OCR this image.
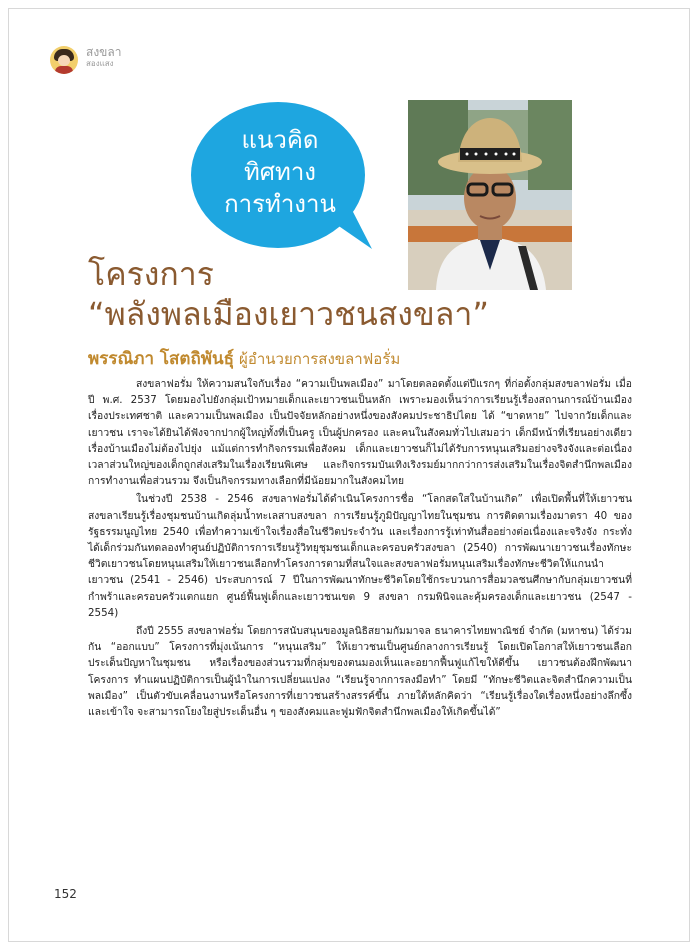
สงขลา
สองแสง
แนวคิด
ทิศทาง
การทำงาน
โครงการ
“พลังพลเมืองเยาวชนสงขลา”
พรรณิภา โสตถิพันธุ์ ผู้อำนวยการสงขลาฟอรั่ม

สงขลาฟอรั่ม ให้ความสนใจกับเรื่อง “ความเป็นพลเมือง” มาโดยตลอดตั้งแต่ปีแรกๆ ที่ก่อตั้งกลุ่มสงขลาฟอรั่ม เมื่อปี พ.ศ. 2537 โดยมองไปยังกลุ่มเป้าหมายเด็กและเยาวชนเป็นหลัก เพราะมองเห็นว่าการเรียนรู้เรื่องสถานการณ์บ้านเมือง เรื่องประเทศชาติ และความเป็นพลเมือง เป็นปัจจัยหลักอย่างหนึ่งของสังคมประชาธิปไตย ได้ “ขาดหาย” ไปจากวัยเด็กและเยาวชน เราจะได้ยินได้ฟังจากปากผู้ใหญ่ทั้งที่เป็นครู เป็นผู้ปกครอง และคนในสังคมทั่วไปเสมอว่า เด็กมีหน้าที่เรียนอย่างเดียว เรื่องบ้านเมืองไม่ต้องไปยุ่ง แม้แต่การทำกิจกรรมเพื่อสังคม เด็กและเยาวชนก็ไม่ได้รับการหนุนเสริมอย่างจริงจังและต่อเนื่อง เวลาส่วนใหญ่ของเด็กถูกส่งเสริมในเรื่องเรียนพิเศษ และกิจกรรมบันเทิงเริงรมย์มากกว่าการส่งเสริมในเรื่องจิตสำนึกพลเมือง การทำงานเพื่อส่วนรวม จึงเป็นกิจกรรมทางเลือกที่มีน้อยมากในสังคมไทย

ในช่วงปี 2538 - 2546 สงขลาฟอรั่มได้ดำเนินโครงการชื่อ “โลกสดใสในบ้านเกิด” เพื่อเปิดพื้นที่ให้เยาวชนสงขลาเรียนรู้เรื่องชุมชนบ้านเกิดลุ่มน้ำทะเลสาบสงขลา การเรียนรู้ภูมิปัญญาไทยในชุมชน การติดตามเรื่องมาตรา 40 ของรัฐธรรมนูญไทย 2540 เพื่อทำความเข้าใจเรื่องสื่อในชีวิตประจำวัน และเรื่องการรู้เท่าทันสื่ออย่างต่อเนื่องและจริงจัง กระทั่งได้เด็กร่วมกันทดลองทำศูนย์ปฏิบัติการการเรียนรู้วิทยุชุมชนเด็กและครอบครัวสงขลา (2540) การพัฒนาเยาวชนเรื่องทักษะชีวิตเยาวชนโดยหนุนเสริมให้เยาวชนเลือกทำโครงการตามที่สนใจและสงขลาฟอรั่มหนุนเสริมเรื่องทักษะชีวิตให้แกนนำเยาวชน (2541 - 2546) ประสบการณ์ 7 ปีในการพัฒนาทักษะชีวิตโดยใช้กระบวนการสื่อมวลชนศึกษากับกลุ่มเยาวชนที่กำพร้าและครอบครัวแตกแยก ศูนย์ฟื้นฟูเด็กและเยาวชนเขต 9 สงขลา กรมพินิจและคุ้มครองเด็กและเยาวชน (2547 - 2554)

ถึงปี 2555 สงขลาฟอรั่ม โดยการสนับสนุนของมูลนิธิสยามกัมมาจล ธนาคารไทยพาณิชย์ จำกัด (มหาชน) ได้ร่วมกัน “ออกแบบ” โครงการที่มุ่งเน้นการ “หนุนเสริม” ให้เยาวชนเป็นศูนย์กลางการเรียนรู้ โดยเปิดโอกาสให้เยาวชนเลือกประเด็นปัญหาในชุมชน หรือเรื่องของส่วนรวมที่กลุ่มของตนมองเห็นและอยากฟื้นฟูแก้ไขให้ดีขึ้น เยาวชนต้องฝึกพัฒนาโครงการ ทำแผนปฏิบัติการเป็นผู้นำในการเปลี่ยนแปลง “เรียนรู้จากการลงมือทำ” โดยมี “ทักษะชีวิตและจิตสำนึกความเป็นพลเมือง” เป็นตัวขับเคลื่อนงานหรือโครงการที่เยาวชนสร้างสรรค์ขึ้น ภายใต้หลักคิดว่า “เรียนรู้เรื่องใดเรื่องหนึ่งอย่างลึกซึ้งและเข้าใจ จะสามารถโยงใยสู่ประเด็นอื่น ๆ ของสังคมและฟูมฟักจิตสำนึกพลเมืองให้เกิดขึ้นได้”

152
